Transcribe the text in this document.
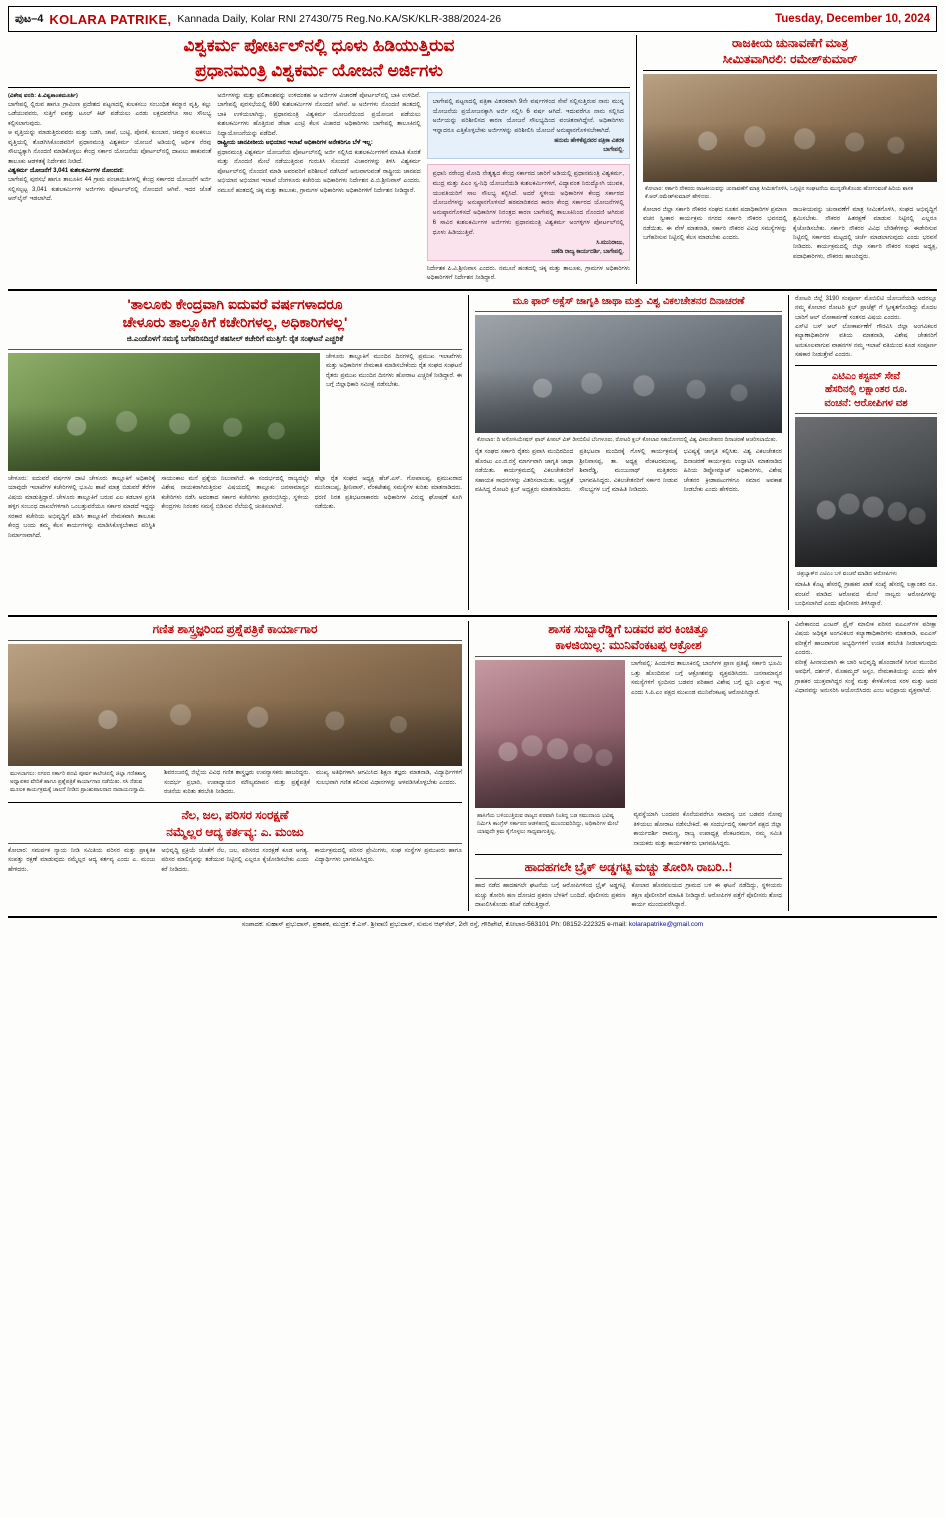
ಪುಟ–4 KOLARA PATRIKE, Kannada Daily, Kolar RNI 27430/75 Reg.No.KA/SK/KLR-388/2024-26	Tuesday, December 10, 2024
ವಿಶ್ವಕರ್ಮ ಪೋರ್ಟಲ್‌ನಲ್ಲಿ ಧೂಳು ಹಿಡಿಯುತ್ತಿರುವ
ಪ್ರಧಾನಮಂತ್ರಿ ವಿಶ್ವಕರ್ಮ ಯೋಜನೆ ಅರ್ಜಿಗಳು
(ವಿಶೇಷ ವರದಿ: ಪಿ.ವಿಶ್ವಶಾಂತಮೂರ್ತಿ)
ಬಾಗೇಪಲ್ಲಿ ಲ್ಲಿರುವ ಹಾಗೂ ಗ್ರಾಮೀಣ ಪ್ರದೇಶದ ಪಟ್ಟಣದಲ್ಲಿ ಕುಲಕಸಬು ಸಂಬಂಧಿತ ಕಮ್ಮಾರ ವೃತ್ತಿ, ಕಲ್ಲು ಒಡೆಯುವವರು, ಸುತ್ತಿಗೆ ಐವತ್ತು ಟೂಲ್ ಕಿಟ್ ಪಡೆಯಲು ಎರಡು ಲಕ್ಷದವರೆಗೂ ಸಾಲ ಸೌಲಭ್ಯ ಕಲ್ಪಿಸಲಾಗುವುದು.
ಆ ವೃತ್ತಿಯನ್ನು ಮಾಡುತ್ತಿರುವವರು ಮತ್ತು ಬಡಗಿ, ಚಾಪೆ, ಬುಟ್ಟಿ, ಪೊರಕೆ, ಕುಂಬಾರ, ಚಮ್ಮಾರ ಕುಲಕಸಬು ವೃತ್ತಿಯಲ್ಲಿ ತೊಡಗಿಸಿಕೊಂಡವರಿಗೆ ಪ್ರಧಾನಮಂತ್ರಿ ವಿಶ್ವಕರ್ಮ ಯೋಜನೆ ಅಡಿಯಲ್ಲಿ ಆರ್ಥಿಕ ನೆರವು ಸೌಲಭ್ಯಕ್ಕಾಗಿ ನೊಂದಣಿ ಮಾಡಿಕೊಳ್ಳಲು ಕೇಂದ್ರ ಸರ್ಕಾರ ಯೋಜನೆಯ ಪೋರ್ಟಲ್‌ನಲ್ಲಿ ದಾಖಲು ಹಾಕುವಂತೆ ತಾಲೂಕು ಆಡಳಿತಕ್ಕೆ ನಿರ್ದೇಶನ ನೀಡಿದೆ.
ವಿಶ್ವಕರ್ಮ ಯೋಜನೆಗೆ 3,041 ಕುಶಲಕರ್ಮಿಗಳ ನೋಂದಣಿ:
ಬಾಗೇಪಲ್ಲಿ ಪುರಸಭೆ ಹಾಗೂ ತಾಲೂಕಿನ 44 ಗ್ರಾಮ ಪಂಚಾಯಿತಿಗಳಲ್ಲಿ ಕೇಂದ್ರ ಸರ್ಕಾರದ ಯೋಜನೆಗೆ ಅರ್ಜಿ ಸಲ್ಲಿಸಲ್ಪಟ್ಟ 3,041 ಕುಶಲಕರ್ಮಿಗಳ ಅರ್ಜಿಗಳು ಪೋರ್ಟಲ್‌ನಲ್ಲಿ ನೋಂದಣಿ ಆಗಿವೆ. ಇದರ ಜೊತೆ ಆನ್‌ಲೈನ್ ಇಡಲಾಗಿದೆ.
ಅರ್ಜಿಗಳನ್ನು ಮತ್ತು ಫಲಿತಾಂಶವನ್ನು ಉಳಿದಂತಹ ಆ ಅರ್ಜಿಗಳ ವಿಚಾರಣೆ ಪೋರ್ಟಲ್‌ನಲ್ಲಿ ಬಾಕಿ ಉಳಿದಿವೆ. ಬಾಗೇಪಲ್ಲಿ ಪುರಸಭೆಯಲ್ಲಿ 690 ಕುಶಲಕರ್ಮಿಗಳ ನೊಂದಣಿ ಆಗಿವೆ. ಆ ಅರ್ಜಿಗಳು ನೊಂದಣಿ ಹಂತದಲ್ಲಿ ಬಾಕಿ ಉಳಿಯಲಾಗಿದ್ದು, ಪ್ರಧಾನಮಂತ್ರಿ ವಿಶ್ವಕರ್ಮ ಯೋಜನೆಯಿಂದ ಪ್ರಯೋಜನ ಪಡೆಯಲು ಕುಶಲಕರ್ಮಿಗಳು ಹೊತ್ತಿರುವ ಡೇಟಾ ಎಂಟ್ರಿ ಕೆಲಸ ವಿಚಾರದ ಅಧಿಕಾರಿಗಳು ಬಾಗೇಪಲ್ಲಿ ತಾಲೂಕಿನಲ್ಲಿ ನಿಧ್ಯಾಯೋಜನೆಯನ್ನು ಪಡೆದಿವೆ.
ರಾಷ್ಟ್ರೀಯ ಜಾನಪೀಠೀಯ ಅಭಿಯಾನ ಇಲಾಖೆ ಅಧಿಕಾರಿಗಳ ಅನೇಕರಿಗೂ ಬೆಳೆ ಇಲ್ಲ:
ಪ್ರಧಾನಮಂತ್ರಿ ವಿಶ್ವಕರ್ಮ ಯೋಜನೆಯ ಪೋರ್ಟಲ್‌ನಲ್ಲಿ ಅರ್ಜಿ ಸಲ್ಲಿಸಿದ ಕುಶಲಕರ್ಮಿಗಳಿಗೆ ಮಾಹಿತಿ ಕೊರತೆ ಮತ್ತು ನೊಂದಣಿ ಮೇಲೆ ನಡೆಯುತ್ತಿರುವ ಗುರುತಿಸಿ ಸೊಂದಣಿ ವಿಚಾರಗಳನ್ನು ತಿಳಿಸಿ ವಿಶ್ವಕರ್ಮ ಪೋರ್ಟಲ್‌ನಲ್ಲಿ ನೊಂದಣಿ ಮಾಡಿ ಅವರವರಿಗೆ ಪರಿಶೀಲನೆ ನಡೆಸಿದರೆ ಅನುವಾಗುವಂತೆ ರಾಷ್ಟ್ರೀಯ ಜಾನಪದ ಅಭಿಯಾನ ಅಭಿಯಾನ ಇಲಾಖೆ ಬೆಂಗಳೂರು ಕಚೇರಿಯ ಅಧಿಕಾರಿಗಳು ನಿರ್ದೇಶನ ಪಿ.ಬಿ.ಶ್ರೀನಿವಾಸ್ ಎಂದರು. ನಮೂನೆ ಹಂತದಲ್ಲಿ ಚಿಕ್ಕ ಮತ್ತು ತಾಲೂಕು, ಗ್ರಾಮಗಳ ಅಧಿಕಾರಿಗಳು ಅಧಿಕಾರಿಗಳಿಗೆ ನಿರ್ದೇಶನ ನೀಡಿದ್ದಾರೆ.
ಬಾಗೇಪಲ್ಲಿ ಪಟ್ಟಣದಲ್ಲಿ ಪತ್ರಿಕಾ ವಿತರಕರಾಗಿ 9ನೇ ವರ್ಷಗಳಿಂದ ಸೇವೆ ಸಲ್ಲಿಸುತ್ತಿರುವ ನಾನು ಮುನ್ನ ಯೋಜನೆಯ ಪ್ರಯೋಜನಕ್ಕಾಗಿ ಅರ್ಜಿ ಸಲ್ಲಿಸಿ 6 ವರ್ಷ ಆಗಿದೆ. ಇದುವರೆಗೂ ನಾನು ಸಲ್ಲಿಸಿದ ಅರ್ಜಿಯನ್ನು ಪರಿಶೀಲಿಸದ ಕಾರಣ ಯೋಜನೆ ಸೌಲಭ್ಯದಿಂದ ವಂಚಿತನಾಗಿದ್ದೇನೆ. ಅಧಿಕಾರಿಗಳು ಇನ್ನಾದರೂ ಎತ್ತಿಕೊಳ್ಳಬೇಕು ಅರ್ಜಿಗಳನ್ನು ಪರಿಶೀಲಿಸಿ ಯೋಜನೆ ಅನುಷ್ಠಾನಗೊಳಿಸಬೇಕಾಗಿದೆ.
ಹನುಮ ಹೇಳಿಕೆಪ್ಪನವರ ಪತ್ರಿಕಾ ವಿತರಕ
ಬಾಗೇಪಲ್ಲಿ.
ಪ್ರಧಾನಿ ನರೇಂದ್ರ ಮೋದಿ ನೇತೃತ್ವದ ಕೇಂದ್ರ ಸರ್ಕಾರದ ಜಾರಿಗೆ ಅಡಿಯಲ್ಲಿ ಪ್ರಧಾನಮಂತ್ರಿ ವಿಶ್ವಕರ್ಮ, ಮುದ್ರ ಮತ್ತು ಪಿಎಂ ಸ್ವ-ನಿಧಿ ಯೋಜನೆಯಡಿ ಕುಶಲಕರ್ಮಿಗಳಿಗೆ, ವಿದ್ಯಾವಂತ ನಿರುದ್ಯೋಗಿ ಯುವಕ, ಯುವತಿಯರಿಗೆ ಸಾಲ ಸೌಲಭ್ಯ ಕಲ್ಪಿಸಿದೆ. ಅದರೆ ಸ್ಥಳೀಯ ಅಧಿಕಾರಿಗಳ ಕೇಂದ್ರ ಸರ್ಕಾರದ ಯೋಜನೆಗಳನ್ನು ಅನುಷ್ಠಾನಗೊಳಿಸದೆ ಹಠಮಾರಿತನದ ಕಾರಣ ಕೇಂದ್ರ ಸರ್ಕಾರದ ಯೋಜನೆಗಳಲ್ಲಿ ಅನುಷ್ಠಾನಗೊಳಿಸದೆ ಅಧಿಕಾರಿಗಳ ನಿರಂತ್ರದ ಕಾರಣ ಬಾಗೇಪಲ್ಲಿ ತಾಲೂಕಿನಿಂದ ನೊಂದಣಿ ಆಗಿರುವ 6 ಸಾವಿರ ಕುಶಲಕರ್ಮಿಗಳ ಅರ್ಜಿಗಳು ಪ್ರಧಾನಮಂತ್ರಿ ವಿಶ್ವಕರ್ಮ ಅಂಗಳ್ಳಿಗಳ ಪೋರ್ಟಲ್‌ನಲ್ಲಿ ಧೂಳು ಹಿಡಿಯುತ್ತಿವೆ.
ಸಿ.ಮುನಿರಾಜು,
ಜಣೆಡಿ ರಾಜ್ಯ ಕಾರ್ಯದರ್ಶಿ, ಬಾಗೇಪಲ್ಲಿ.
ನಿರ್ದೇಶಕ ಪಿ.ವಿ.ಶ್ರೀನಿವಾಸ ಎಂದರು. ನಮೂನೆ ಹಂತದಲ್ಲಿ ಚಿಕ್ಕ ಮತ್ತು ತಾಲೂಕು, ಗ್ರಾಮಗಳ ಅಧಿಕಾರಿಗಳು ಅಧಿಕಾರಿಗಳಿಗೆ ನಿರ್ದೇಶನ ನೀಡಿದ್ದಾರೆ.
ರಾಜಕೀಯ ಚುನಾವಣೆಗೆ ಮಾತ್ರ
ಸೀಮಿತವಾಗಿರಲಿ: ರಮೇಶ್‌ಕುಮಾರ್
ಕೋಲಾರ: ಸರ್ಕಾರಿ ನೌಕರರು ರಾಜಕೀಯವನ್ನು ಚುನಾವಣೆಗೆ ಮಾತ್ರ ಸೀಮಿತಗೊಳಿಸಿ, ಒಗ್ಗಟ್ಟಿನ ಸಂಘಟನೆಯ ಮುನ್ನಡೆಸಿಕೊಂಡು ಹೋಗುವಂತೆ ಹಿರಿಯ ಶಾಸಕ ಕೆ.ಆರ್.ರಮೇಶ್‌ಕುಮಾರ್ ಹೇಳಿದರು.
ಕೋಲಾರ ಜಿಲ್ಲಾ ಸರ್ಕಾರಿ ನೌಕರರ ಸಂಘದ ನೂತನ ಪದಾಧಿಕಾರಿಗಳ ಪ್ರಮಾಣ ವಚನ ಸ್ವೀಕಾರ ಕಾರ್ಯಕ್ರಮ ನಗರದ ಸರ್ಕಾರಿ ನೌಕರರ ಭವನದಲ್ಲಿ ನಡೆಯಿತು. ಈ ವೇಳೆ ಮಾತನಾಡಿ, ಸರ್ಕಾರಿ ನೌಕರರ ವಿವಿಧ ಸಮಸ್ಯೆಗಳನ್ನು ಬಗೆಹರಿಸುವ ನಿಟ್ಟಿನಲ್ಲಿ ಕೆಲಸ ಮಾಡಬೇಕು ಎಂದರು.
ರಾಜಕೀಯವನ್ನು ಚುನಾವಣೆಗೆ ಮಾತ್ರ ಸೀಮಿತಗೊಳಿಸಿ, ಸಂಘದ ಅಭಿವೃದ್ಧಿಗೆ ಶ್ರಮಿಸಬೇಕು. ನೌಕರರ ಹಿತರಕ್ಷಣೆ ಮಾಡುವ ನಿಟ್ಟಿನಲ್ಲಿ ಎಲ್ಲರೂ ಕೈಜೋಡಿಸಬೇಕು. ಸರ್ಕಾರಿ ನೌಕರರ ವಿವಿಧ ಬೇಡಿಕೆಗಳನ್ನು ಈಡೇರಿಸುವ ನಿಟ್ಟಿನಲ್ಲಿ ಸರ್ಕಾರದ ಮಟ್ಟದಲ್ಲಿ ಚರ್ಚೆ ಮಾಡಲಾಗುವುದು ಎಂದು ಭರವಸೆ ನೀಡಿದರು. ಕಾರ್ಯಕ್ರಮದಲ್ಲಿ ಜಿಲ್ಲಾ ಸರ್ಕಾರಿ ನೌಕರರ ಸಂಘದ ಅಧ್ಯಕ್ಷ, ಪದಾಧಿಕಾರಿಗಳು, ನೌಕರರು ಹಾಜರಿದ್ದರು.
'ತಾಲೂಕು ಕೇಂದ್ರವಾಗಿ ಐದುವರೆ ವರ್ಷಗಳಾದರೂ
ಚೇಳೂರು ತಾಲ್ಲೂಕಿಗೆ ಕಚೇರಿಗಳಲ್ಲ, ಅಧಿಕಾರಿಗಳಲ್ಲ'
ಜಿ.ಎಂಡೊಳಗೆ ಸಮಸ್ಯೆ ಬಗೆಹರಿಸದಿದ್ದರೆ ತಹಸೀಲ್ ಕಚೇರಿಗೆ ಮುತ್ತಿಗೆ: ರೈತ ಸಂಘಟನೆ ಎಚ್ಚರಿಕೆ
ಚೇಳೂರು ತಾಲ್ಲೂಕಿಗೆ ಮುಂದಿನ ದಿನಗಳಲ್ಲಿ ಪ್ರಮುಖ ಇಲಾಖೆಗಳು ಮತ್ತು ಅಧಿಕಾರಿಗಳ ನೇಮಕಾತಿ ಮಾಡಿಸಬೇಕೆಂದು ರೈತ ಸಂಘದ ಸಂಘಟನೆ ರೈತರು ಪ್ರಮುಖ ಮುಂದಿನ ದಿನಗಳು ಹೋರಾಟ ಎಚ್ಚರಿಕೆ ನೀಡಿದ್ದಾರೆ. ಈ ಬಗ್ಗೆ ಜಿಲ್ಲಾಧಿಕಾರಿ ಸಮೀಕ್ಷೆ ನಡೆಸಬೇಕು.
ಚೇಳೂರು: ಐದುವರೆ ವರ್ಷಗಳ ದಾಟಿ ಚೇಳೂರು ತಾಲ್ಲೂಕಿಗೆ ಅಧಿಕಾರಿಕ್ಕೆ ಯಾವುದೇ ಇಲಾಖೆಗಳ ಕಚೇರಿಗಳಲ್ಲಿ ಭೂಮಿ ಶಾಖೆ ಮಾತ್ರ ಬಿಡುವರೆ ತೆರೆಗಳ ವಿಷಯ ಮಾಡುತ್ತಿದ್ದಾರೆ. ಚೇಳೂರು ತಾಲ್ಲೂಕಿಗೆ ಬರುವ ಎಲ ಕಡಬಾಳ ಪ್ರಗತಿ ಹಳ್ಳಿಗ ಸಂಬಂಧ ದಾಖಲೆಗಳಿಗಾಗಿ ಒಂಬತ್ತುವರೆಯೂ ಸರ್ಕಾರ ಮಾಡದೆ ಇದ್ದದ್ದು ಸರಕಾರ ಕಚೇರಿಯ ಅಭಿವೃದ್ಧಿಗೆ ಪಡಿಸಿ ತಾಲ್ಲೂಕಿಗೆ ನೇಮಕವಾಗಿ ತಾಲೂಕು ಕೇಂದ್ರ ಬಂದು ತಮ್ಮ ಕೆಲಸ ಕಾರ್ಯಗಳನ್ನು ಮಾಡಿಸಿಕೊಳ್ಳಬೇಕಾದ ಪರಿಸ್ಥಿತಿ ನಿರ್ಮಾಣವಾಗಿದೆ.
ಸಾಯಂಕಾಲ ಮನೆ ಪ್ರಶ್ನೆಯ ನಿಲುವಾಗಿದೆ. ಈ ಸಂದರ್ಭದಲ್ಲಿ ರಾಜ್ಯದಲ್ಲೇ ವಿಶೇಷ ನಾಯಕರಾಗಿರುತ್ತಿರುವ ವಿಷಯದಲ್ಲಿ ತಾಲ್ಲೂಕು ಜನಸಾಮಾನ್ಯರ ಕಚೇರಿಗಳು ನಡೆಸಿ ಆದಂತಾದ ಸರ್ಕಾರ ಕಚೇರಿಗಳು ಪ್ರಾರಂಭಿಸಿದ್ದು, ಸ್ಥಳೀಯ ಕೇಂದ್ರಗಳು ನಿರಂತರ ಸಮಸ್ಯೆ ಬಿಡಿಸುವ ನೆಲೆಯಲ್ಲಿ ಚಿಂತಿಸಲಾಗಿದೆ.
ಹೆಲ್ಲಾ ರೈತ ಸಂಘದ ಅಧ್ಯಕ್ಷ ಹೆಚ್.ಎಸ್. ಗೋಪಾಲಪ್ಪ, ಪ್ರಮುಖರಾದ ಮುನಿರಾಜಪ್ಪ, ಶ್ರೀನಿವಾಸ್, ವೆಂಕಟೇಶಪ್ಪ ಸಮಸ್ಯೆಗಳ ಕುರಿತು ಮಾತನಾಡಿದರು. ಧರಣಿ ನಿರತ ಪ್ರತಿಭಟನಾಕಾರರು ಅಧಿಕಾರಿಗಳ ವಿರುದ್ಧ ಘೋಷಣೆ ಕೂಗಿ ನಡೆಯಿತು.
ಮೂ ಫಾರ್ ಅಕ್ಸೆಸ್ ಜಾಗೃತಿ ಜಾಥಾ ಮತ್ತು ವಿಶ್ವ ವಿಕಲಚೇತನರ ದಿನಾಚರಣೆ
ಕೋಲಾರ: ದಿ ಅಸೋಸಿಯೇಷನ್ ಫಾರ್ ಪೀಪಲ್ ವಿತ್ ಡಿಸಬಿಲಿಟಿ ಬೆಂಗಳೂರು, ರೋಟರಿ ಕ್ಲಬ್ ಕೋಲಾರ ಸಹಯೋಗದಲ್ಲಿ ವಿಶ್ವ ವಿಕಲಚೇತನರ ದಿನಾಚರಣೆ ಆಚರಿಸಲಾಯಿತು.
ರೈತ ಸಂಘದ ಸರ್ಕಾರಿ ರೈತರು ಪ್ರವಾಸಿ ಮಂದಿರದಿಂದ ಹೊರಟು ಎಂ.ಜಿ.ರಸ್ತೆ ಮಾರ್ಗವಾಗಿ ಜಾಗೃತಿ ಜಾಥಾ ನಡೆಯಿತು. ಕಾರ್ಯಕ್ರಮದಲ್ಲಿ ವಿಕಲಚೇತನರಿಗೆ ಸಹಾಯಕ ಸಾಧನಗಳನ್ನು ವಿತರಿಸಲಾಯಿತು. ಅಧ್ಯಕ್ಷತೆ ವಹಿಸಿದ್ದ ರೋಟರಿ ಕ್ಲಬ್ ಅಧ್ಯಕ್ಷರು ಮಾತನಾಡಿದರು.
ಪ್ರತಿಭಟನಾ ಮಂದಿರಕ್ಕೆ ಗೊಳಲ್ಲಿ ಕಾರ್ಯಕ್ರಮಕ್ಕೆ ಶ್ರೀನಿವಾಸಪ್ಪ, ತಾ. ಅಧ್ಯಕ್ಷ ವೆಂಕಟರಮಣಪ್ಪ, ಶಿವಾರೆಡ್ಡಿ, ಮಂಜುನಾಥ್ ಮತ್ತಿತರರು ಭಾಗವಹಿಸಿದ್ದರು. ವಿಕಲಚೇತನರಿಗೆ ಸರ್ಕಾರ ನೀಡುವ ಸೌಲಭ್ಯಗಳ ಬಗ್ಗೆ ಮಾಹಿತಿ ನೀಡಿದರು.
ಭವಿಷ್ಯಕ್ಕೆ ಜಾಗೃತಿ ಕಲ್ಪಿಸಿತು. ವಿಶ್ವ ವಿಕಲಚೇತನರ ದಿನಾಚರಣೆ ಕಾರ್ಯಕ್ರಮ ಉದ್ಘಾಟಿಸಿ ಮಾತನಾಡಿದ ಹಿರಿಯ ಡಿಪ್ಲೋಮ್ಯಾಟ್ ಅಧಿಕಾರಿಗಳು, ವಿಶೇಷ ಚೇತನರ ಕ್ರೀಡಾಪಟುಗಳಿಗೂ ಸಮಾನ ಅವಕಾಶ ನೀಡಬೇಕು ಎಂದು ಹೇಳಿದರು.
ರೋಟರಿ ಜಿಲ್ಲೆ 3190 ಸಂಪೂರ್ಣ ಮೊಬಿಲಿಟಿ ಯೋಜನೆಯಡಿ ಅದರಲ್ಲೂ ನಮ್ಮ ಕೋಲಾರ ರೋಟರಿ ಕ್ಲಬ್ ಪ್ರಾಜೆಕ್ಟ್ ಗೆ ಸ್ವೀಕೃತಗೊಂಡಿದ್ದು ಮೊದಲ ಬಾರಿಗೆ ಆಲ್ ಲೋಕಾರ್ಪಣೆ ಸಂತಸದ ವಿಷಯ ಎಂದರು.
ಎಸ್‌ಟಿ ಬಸ್ ಆಲ್ ಲೋಕಾರ್ಪಣೆಗೆ ಗೌರವಿಸಿ ಜಿಲ್ಲಾ ಅಂಗವಿಕಲರ ಕಲ್ಯಾಣಾಧಿಕಾರಿಗಳ ವತಿಯ ಮಾತನಾಡಿ, ವಿಶೇಷ ಚೇತನರಿಗೆ ಅನುಕೂಲವಾಗುವ ವಾಹನಗಳ ನಮ್ಮ ಇಲಾಖೆ ವತಿಯಿಂದ ಕೂಡ ಸಂಪೂರ್ಣ ಸಹಕಾರ ನೀಡುತ್ತೇವೆ ಎಂದರು.
ಎಟಿಎಂ ಕಸ್ಟಮ್ ಸೇವೆ
ಹೆಸರಿನಲ್ಲಿ ಲಕ್ಷಾಂತರ ರೂ.
ವಂಚನೆ: ಆರೋಪಿಗಳ ವಶ
ಚಿತ್ರಬ್ಯಾಕ್‌ನ ಎಟಿಎಂ ಬಳಿ ವಂಚನೆ ಮಾಡಿದ ಆರೋಪಿಗಳು
ಮಾಹಿತಿ ಕೊಟ್ಟ ಹೆಸರಲ್ಲಿ ಗ್ರಾಹಕರ ಖಾತೆ ಸಂಖ್ಯೆ ಹೆಸರಲ್ಲಿ ಲಕ್ಷಾಂತರ ರೂ. ವಂಚನೆ ಮಾಡಿದ ಆರೋಪದ ಮೇಲೆ ನಾಲ್ವರು ಆರೋಪಿಗಳನ್ನು ಬಂಧಿಸಲಾಗಿದೆ ಎಂದು ಪೊಲೀಸರು ತಿಳಿಸಿದ್ದಾರೆ.
ಗಣಿತ ಶಾಸ್ತ್ರಜ್ಞರಿಂದ ಪ್ರಶ್ನೆಪತ್ರಿಕೆ ಕಾರ್ಯಾಗಾರ
ಮುಳಬಾಗಲು: ನಗರದ ಸರ್ಕಾರಿ ಪದವಿ ಪೂರ್ವ ಕಾಲೇಜಿನಲ್ಲಿ ಜಿಲ್ಲಾ ಗಣಿತಶಾಸ್ತ್ರ ಅಧ್ಯಾಪಕರ ವೇದಿಕೆ ಹಾಗೂ ಪ್ರಶ್ನೆಪತ್ರಿಕೆ ಕಾರ್ಯಾಗಾರ ನಡೆಯಿತು. ಸಸಿ ನೆಡುವ ಮೂಲಕ ಕಾರ್ಯಕ್ರಮಕ್ಕೆ ಚಾಲನೆ ನೀಡಿದ ಪ್ರಾಂಶುಪಾಲರಾದ ನಾರಾಯಣಸ್ವಾಮಿ.
ಶಿವರಂಜನಲ್ಲಿ ಜಿಲ್ಲೆಯ ವಿವಿಧ ಗಣಿತ ಶಾಸ್ತ್ರಜ್ಞರು ಉಪನ್ಯಾಸಕರು ಹಾಜರಿದ್ದರು. ಸಂದರ್ಭ ಪ್ರಭಾರಿ, ಉಪಾಧ್ಯಾಯರ ಮೌಲ್ಯಮಾಪನ ಮತ್ತು ಪ್ರಶ್ನೆಪತ್ರಿಕೆ ರಚನೆಯ ಕುರಿತು ತರಬೇತಿ ನೀಡಿದರು.
ಮುಖ್ಯ ಅತಿಥಿಗಳಾಗಿ ಆಗಮಿಸಿದ ಶಿಕ್ಷಣ ತಜ್ಞರು ಮಾತನಾಡಿ, ವಿದ್ಯಾರ್ಥಿಗಳಿಗೆ ಸುಲಭವಾಗಿ ಗಣಿತ ಕಲಿಸುವ ವಿಧಾನಗಳನ್ನು ಅಳವಡಿಸಿಕೊಳ್ಳಬೇಕು ಎಂದರು.
ನೆಲ, ಜಲ, ಪರಿಸರ ಸಂರಕ್ಷಣೆ
ನಮ್ಮೆಲ್ಲರ ಆದ್ಯ ಕರ್ತವ್ಯ: ಎ. ಮಂಜು
ಕೋಲಾರ: ಸಮರ್ಪಕ ನ್ಯಾಯ ನೀಡಿ ಸಮಿತಿಯ ಪರಿಸರ ಮತ್ತು ಪ್ರಾಕೃತಿಕ ಸಂಪತ್ತು ರಕ್ಷಣೆ ಮಾಡುವುದು ನಮ್ಮೆಲ್ಲರ ಆದ್ಯ ಕರ್ತವ್ಯ ಎಂದು ಎ. ಮಂಜು ಹೇಳಿದರು.
ಅಭಿವೃದ್ಧಿ ಪ್ರಕ್ರಿಯೆ ಜೊತೆಗೆ ನೆಲ, ಜಲ, ಪರಿಸರದ ಸಂರಕ್ಷಣೆ ಕೂಡ ಅಗತ್ಯ. ಪರಿಸರ ಮಾಲಿನ್ಯವನ್ನು ತಡೆಯುವ ನಿಟ್ಟಿನಲ್ಲಿ ಎಲ್ಲರೂ ಕೈಜೋಡಿಸಬೇಕು ಎಂದು ಕರೆ ನೀಡಿದರು.
ಕಾರ್ಯಕ್ರಮದಲ್ಲಿ ಪರಿಸರ ಪ್ರೇಮಿಗಳು, ಸಂಘ ಸಂಸ್ಥೆಗಳ ಪ್ರಮುಖರು ಹಾಗೂ ವಿದ್ಯಾರ್ಥಿಗಳು ಭಾಗವಹಿಸಿದ್ದರು.
ಶಾಸಕ ಸುಬ್ಬಾರೆಡ್ಡಿಗೆ ಬಡವರ ಪರ ಕಿಂಚಿತ್ತೂ
ಕಾಳಜಿಯಿಲ್ಲ: ಮುನಿವೆಂಕಟಪ್ಪ ಆಕ್ರೋಶ
ಬಾಗೇಪಲ್ಲಿ: ಹಿಂದುಳಿದ ತಾಲೂಕಿನಲ್ಲಿ ಬಾಂಗಿಗಳ ಪ್ರಾಣ ಪ್ರತಿಷ್ಠೆ, ಸರ್ಕಾರಿ ಭೂಮಿ ಒತ್ತು ಹೊಂದಿರುವ ಬಗ್ಗೆ ಆಕ್ರೋಶವನ್ನು ವ್ಯಕ್ತಪಡಿಸಿದರು. ಜನಸಾಮಾನ್ಯರ ಸಮಸ್ಯೆಗಳಿಗೆ ಸ್ಪಂದಿಸದ ಬಡವರ ಪರಿಹಾರ ವಿಶೇಷ ಬಗ್ಗೆ ಧ್ವನಿ ಎತ್ತುವ ಇಲ್ಲ ಎಂದು ಸಿ.ಪಿ.ಎಂ ಪಕ್ಷದ ಮುಖಂಡ ಮುನಿವೆಂಕಟಪ್ಪ ಆರೋಪಿಸಿದ್ದಾರೆ.
ಹಾಸಿಗೆಯ ಬಳಿಯುತ್ತಿರುವ ರಾಜ್ಯದ ಪರವಾಗಿ ನಿಂತಿದ್ದ ಬಡ ಸಮುದಾಯ ಭವಿಷ್ಯ ನಿರ್ಮಿಸಿ ಕಾಂಗ್ರೆಸ್ ಸರ್ಕಾರದ ಆಡಳಿತದಲ್ಲಿ ಮುಂದುವರಿದಿದ್ದು, ಅಧಿಕಾರಿಗಳ ಮೇಲೆ ಯಾವುದೇ ಕ್ರಮ ಕೈಗೊಳ್ಳಲು ಸಾಧ್ಯವಾಗುತ್ತಿಲ್ಲ.
ವ್ಯವಸ್ಥೆಯಾಗಿ ಬಂದವರ ಕೊನೆಯವರೆಗೂ ಸಾಮಾನ್ಯ ಜನ ಬಡವರ ನೋವು ತಿಳಿಯಲು ಹೋರಾಟ ನಡೆಸಬೇಕಿದೆ. ಈ ಸಂದರ್ಭದಲ್ಲಿ ಸರ್ಕಾರಿಗೆ ಪಕ್ಷದ ಜಿಲ್ಲಾ ಕಾರ್ಯದರ್ಶಿ ರಾಮಣ್ಣ, ರಾಜ್ಯ ಉಪಾಧ್ಯಕ್ಷ ವೆಂಕಟರಮಣ, ನಮ್ಮ ಸಮಿತಿ ನಾಯಕರು ಮತ್ತು ಕಾರ್ಯಕರ್ತರು ಭಾಗವಹಿಸಿದ್ದರು.
ಹಾದಹಗಲೇ ಬ್ರೈಕ್ ಅಡ್ಡಗಟ್ಟಿ ಮಚ್ಚು ತೋರಿಸಿ ರಾಬರಿ..!
ಹಾದ ನಡೆದ ಹಾದಹಗಲೇ ಘಟನೆಯ ಬಗ್ಗೆ ಆರೋಪಿಗಳಿಂದ ಬ್ರೈಕ್ ಅಡ್ಡಗಟ್ಟಿ ಮಚ್ಚು ತೋರಿಸಿ ಹಣ ದೋಚಿದ ಪ್ರಕರಣ ಬೆಳಕಿಗೆ ಬಂದಿದೆ. ಪೊಲೀಸರು ಪ್ರಕರಣ ದಾಖಲಿಸಿಕೊಂಡು ತನಿಖೆ ನಡೆಸುತ್ತಿದ್ದಾರೆ.
ಕೋಲಾರ ಹೊರವಲಯದ ಗ್ರಾಮದ ಬಳಿ ಈ ಘಟನೆ ನಡೆದಿದ್ದು, ಸ್ಥಳೀಯರು ತಕ್ಷಣ ಪೊಲೀಸರಿಗೆ ಮಾಹಿತಿ ನೀಡಿದ್ದಾರೆ. ಆರೋಪಿಗಳ ಪತ್ತೆಗೆ ಪೊಲೀಸರು ಶೋಧ ಕಾರ್ಯ ಮುಂದುವರೆಸಿದ್ದಾರೆ.
ವಿವೇಕಾನಂದ ಎಂಟರ್ ಪ್ರೈಸ್ ಮಾಲೀಕ ಪರಿಸರ ಐಎಎಸ್‌ಗಳ ಪರೀಕ್ಷಾ ವಿಷಯ ಅಧಿಕೃತ ಅಂಗವಿಕಲರ ಕಲ್ಯಾಣಾಧಿಕಾರಿಗಳು ಮಾತನಾಡಿ, ಐಎಎಸ್ ಪರೀಕ್ಷೆಗೆ ಹಾಜರಾಗುವ ಅಭ್ಯರ್ಥಿಗಳಿಗೆ ಉಚಿತ ತರಬೇತಿ ನೀಡಲಾಗುವುದು ಎಂದರು.
ಪರೀಕ್ಷೆ ಹೀನಾಯವಾಗಿ ಈ ಬಾರಿ ಅಭಿವೃದ್ಧಿ ಹೊಂದಾಣಿಕೆ ಸಿಗುವ ಮುಂದಿನ ಅವಧಿಗೆ, ದರ್ಶನ್, ಮೊಹಮ್ಮದ್ ಅಸ್ಲಂ, ನೇಮಕಾತಿಯನ್ನು ಎಂದು ಹೇಳಿ ಗ್ರಾಹಕರ ಯುಕ್ತವಾಗಿದ್ದರ ಸಂಸ್ಥೆ ಮತ್ತು ಕೇಳಕೊಳಿಂದ ಸರಳ ಮತ್ತು ಆದರ ವಿಧಾನವನ್ನು ಅನುಸರಿಸಿ ಆಯೋಜಿಸಿದರು ಎಂಬ ಅಭಿಪ್ರಾಯ ವ್ಯಕ್ತವಾಗಿದೆ.
ಸಂಪಾದಕ: ಸುಹಾಸ್ ಪ್ರಭುದಾಸ್, ಪ್ರಕಾಶಕ, ಮುದ್ರಕ: ಕೆ.ಎಸ್. ಶ್ರೀವಾಣಿ ಪ್ರಭುದಾಸ್, ಸುಮನ ಆಫ್‌ಸೆಟ್, 2ನೇ ರಸ್ತೆ, ಗೌರಿಪೇಟೆ, ಕೋಲಾರ-563101 Ph: 08152-222325 e-mail: kolarapatrike@gmail.com
